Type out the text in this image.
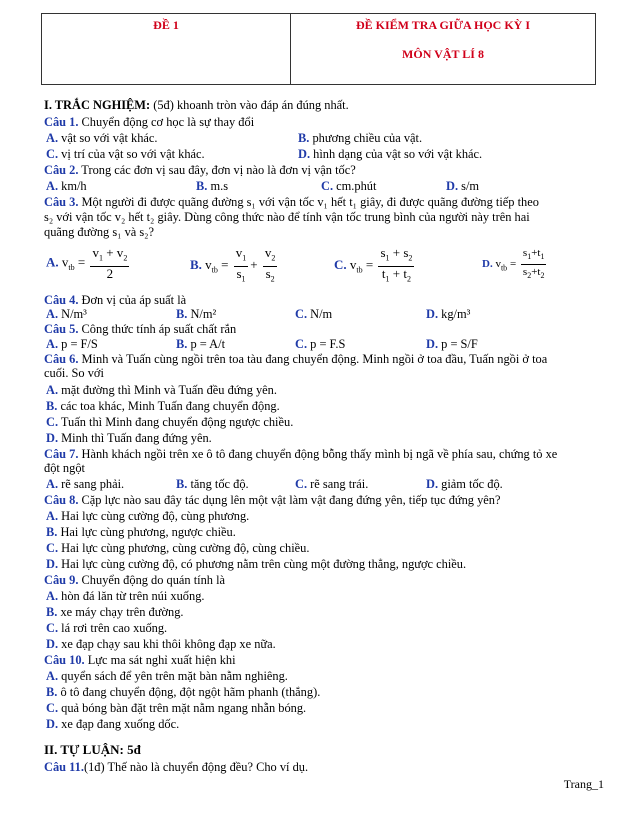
ĐỀ 1	ĐỀ KIỂM TRA GIỮA HỌC KỲ I
MÔN VẬT LÍ 8
I. TRẮC NGHIỆM: (5đ) khoanh tròn vào đáp án đúng nhất.
Câu 1. Chuyển động cơ học là sự thay đổi
A. vật so với vật khác.	B. phương chiều của vật.
C. vị trí của vật so với vật khác.	D. hình dạng của vật so với vật khác.
Câu 2. Trong các đơn vị sau đây, đơn vị nào là đơn vị vận tốc?
A. km/h	B. m.s	C. cm.phút	D. s/m
Câu 3. Một người đi được quãng đường s₁ với vận tốc v₁ hết t₁ giây, đi được quãng đường tiếp theo
s₂ với vận tốc v₂ hết t₂ giây. Dùng công thức nào để tính vận tốc trung bình của người này trên hai
quãng đường s₁ và s₂?
A. $v_{tb} = \frac{v_1 + v_2}{2}$	B. $v_{tb} = \frac{v_1}{s_1} + \frac{v_2}{s_2}$	C. $v_{tb} = \frac{s_1 + s_2}{t_1 + t_2}$	D. $v_{tb} = \frac{s_1+t_1}{s_2+t_2}$
Câu 4. Đơn vị của áp suất là
A. N/m³	B. N/m²	C. N/m	D. kg/m³
Câu 5. Công thức tính áp suất chất rắn
A. p = F/S	B. p = A/t	C. p = F.S	D. p = S/F
Câu 6. Minh và Tuấn cùng ngồi trên toa tàu đang chuyển động. Minh ngồi ở toa đầu, Tuấn ngồi ở toa
cuối. So với
A. mặt đường thì Minh và Tuấn đều đứng yên.
B. các toa khác, Minh Tuấn đang chuyển động.
C. Tuấn thì Minh đang chuyển động ngược chiều.
D. Minh thì Tuấn đang đứng yên.
Câu 7. Hành khách ngồi trên xe ô tô đang chuyển động bỗng thấy mình bị ngã về phía sau, chứng tỏ xe
đột ngột
A. rẽ sang phải.	B. tăng tốc độ.	C. rẽ sang trái.	D. giảm tốc độ.
Câu 8. Cặp lực nào sau đây tác dụng lên một vật làm vật đang đứng yên, tiếp tục đứng yên?
A. Hai lực cùng cường độ, cùng phương.
B. Hai lực cùng phương, ngược chiều.
C. Hai lực cùng phương, cùng cường độ, cùng chiều.
D. Hai lực cùng cường độ, có phương nằm trên cùng một đường thẳng, ngược chiều.
Câu 9. Chuyển động do quán tính là
A. hòn đá lăn từ trên núi xuống.
B. xe máy chạy trên đường.
C. lá rơi trên cao xuống.
D. xe đạp chạy sau khi thôi không đạp xe nữa.
Câu 10. Lực ma sát nghỉ xuất hiện khi
A. quyển sách để yên trên mặt bàn nằm nghiêng.
B. ô tô đang chuyển động, đột ngột hãm phanh (thắng).
C. quả bóng bàn đặt trên mặt nằm ngang nhẵn bóng.
D. xe đạp đang xuống dốc.
II. TỰ LUẬN: 5đ
Câu 11.(1đ) Thế nào là chuyển động đều? Cho ví dụ.
Trang_1
